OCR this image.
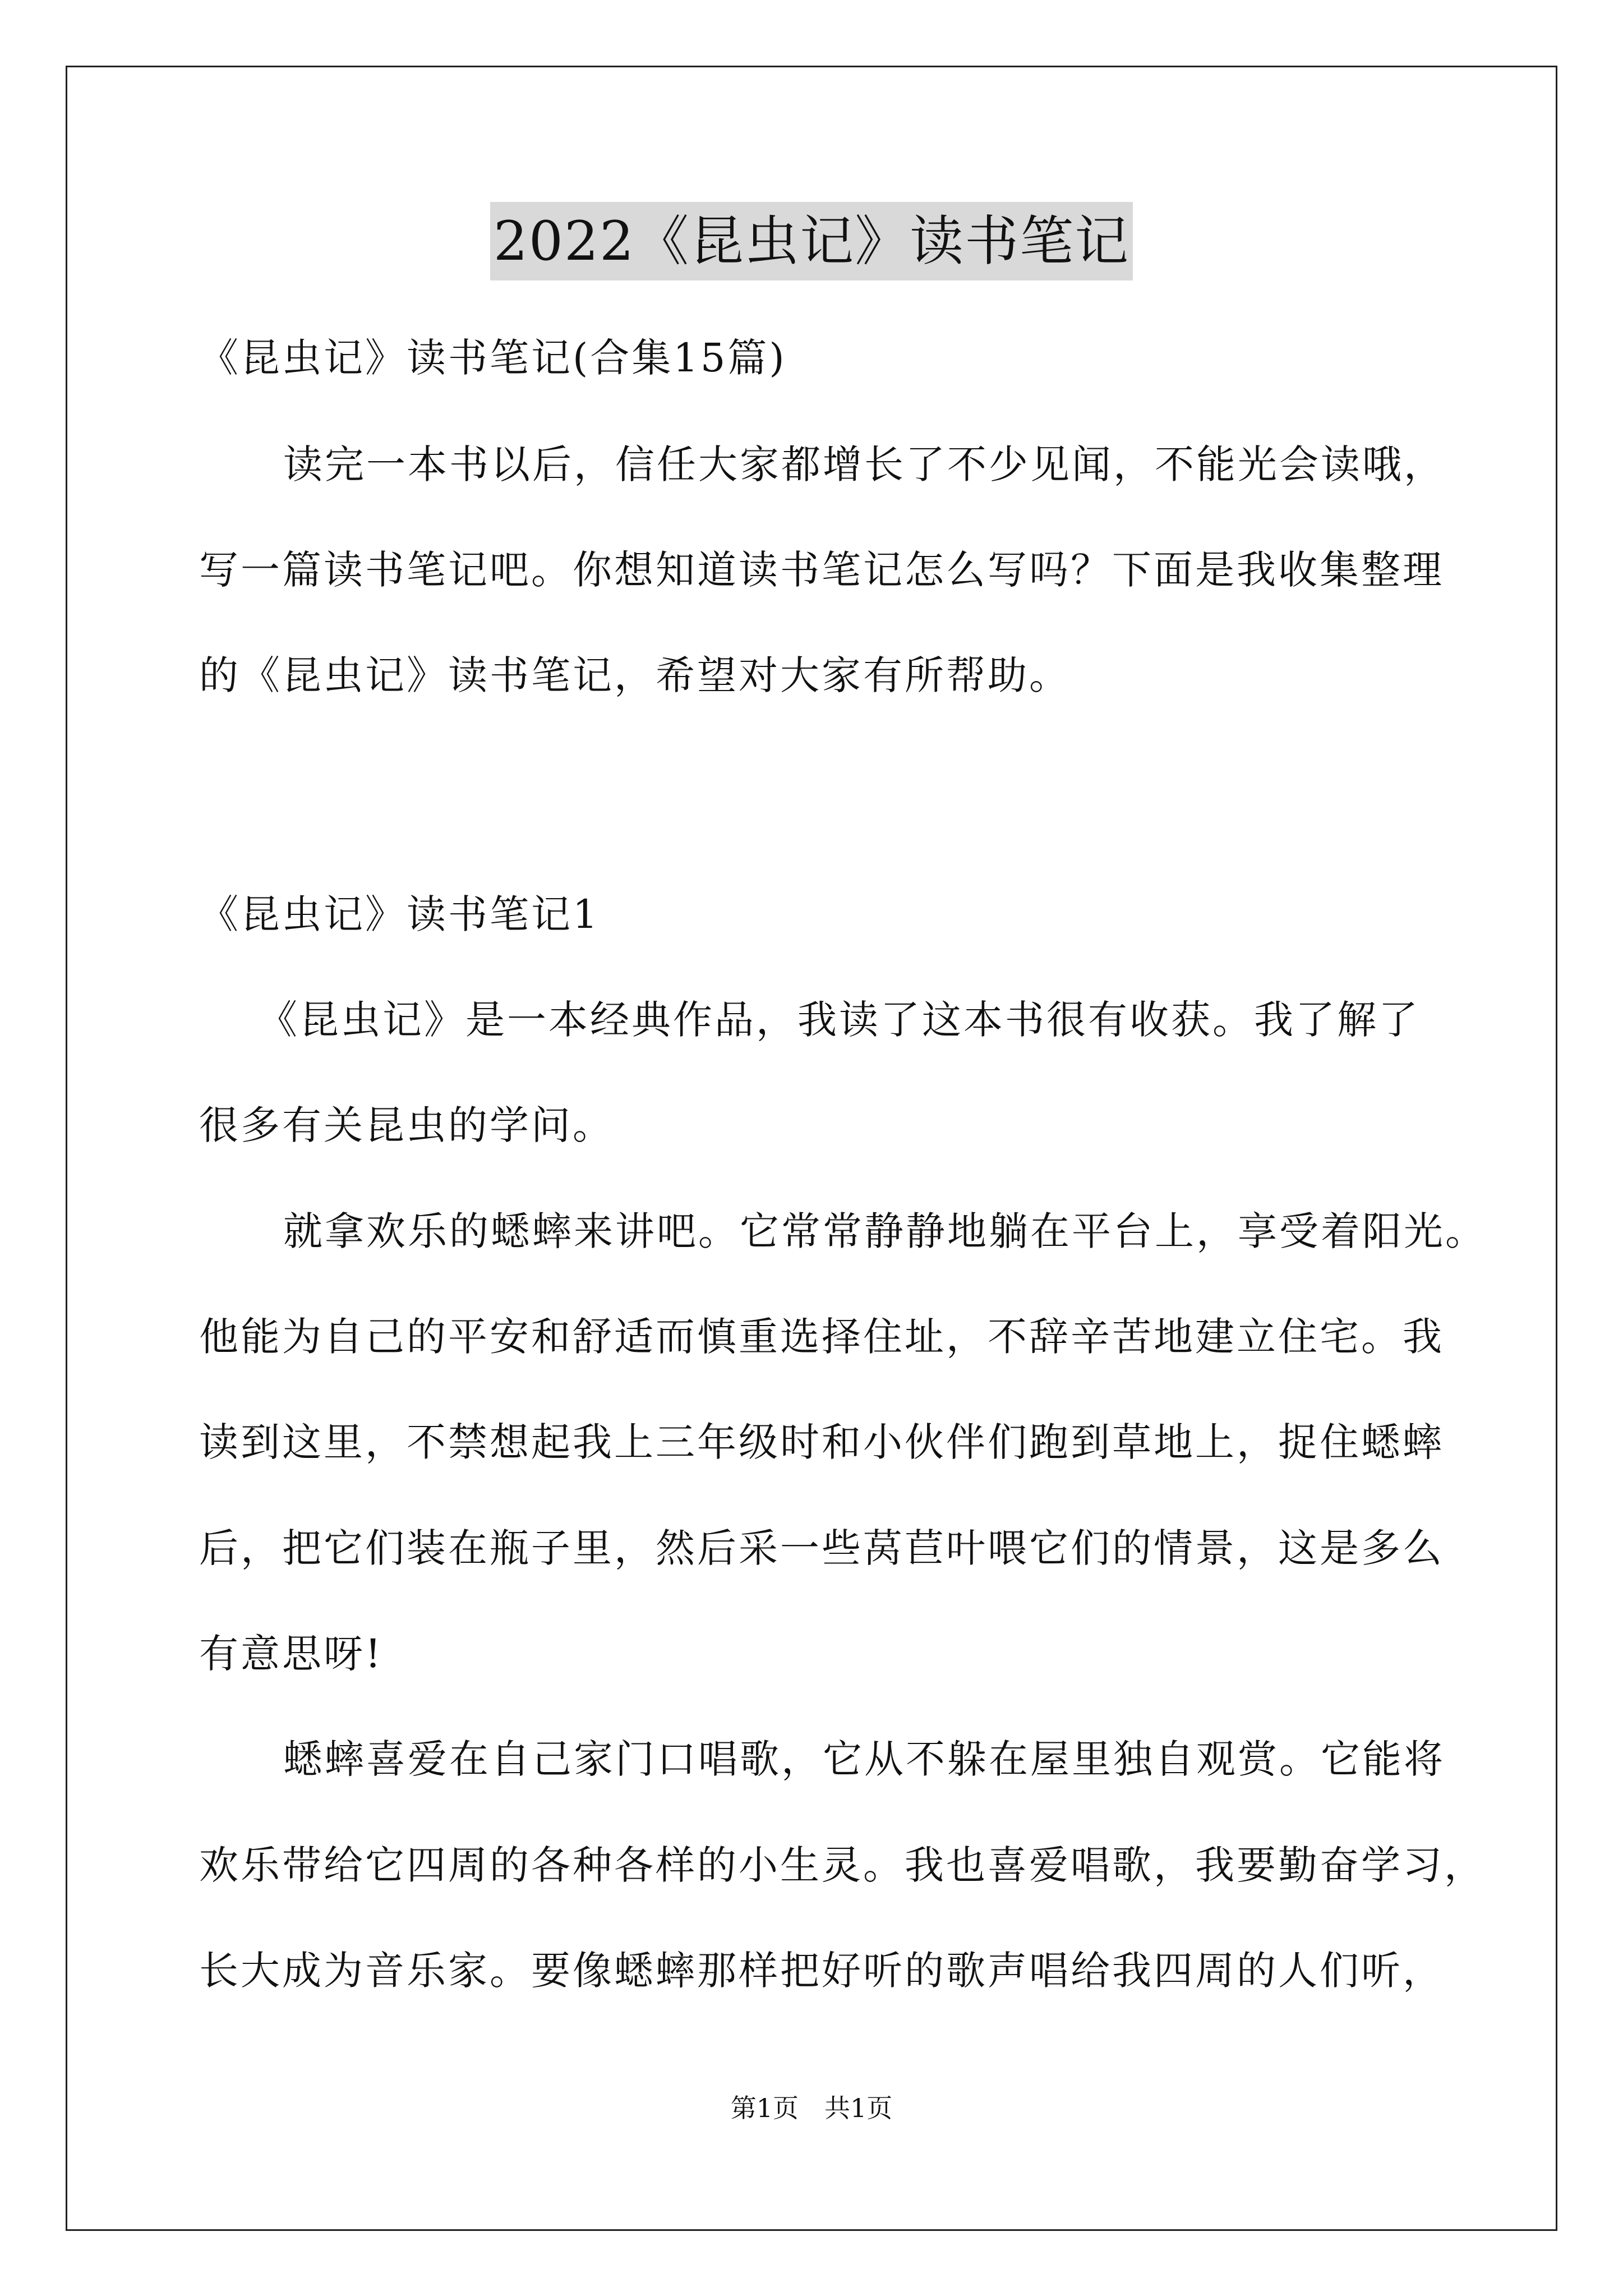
2022《昆虫记》读书笔记
《昆虫记》读书笔记(合集15篇)
读完一本书以后，信任大家都增长了不少见闻，不能光会读哦，
写一篇读书笔记吧。你想知道读书笔记怎么写吗？下面是我收集整理
的《昆虫记》读书笔记，希望对大家有所帮助。
《昆虫记》读书笔记1
《昆虫记》是一本经典作品，我读了这本书很有收获。我了解了
很多有关昆虫的学问。
就拿欢乐的蟋蟀来讲吧。它常常静静地躺在平台上，享受着阳光。
他能为自己的平安和舒适而慎重选择住址，不辞辛苦地建立住宅。我
读到这里，不禁想起我上三年级时和小伙伴们跑到草地上，捉住蟋蟀
后，把它们装在瓶子里，然后采一些莴苣叶喂它们的情景，这是多么
有意思呀!
蟋蟀喜爱在自己家门口唱歌，它从不躲在屋里独自观赏。它能将
欢乐带给它四周的各种各样的小生灵。我也喜爱唱歌，我要勤奋学习，
长大成为音乐家。要像蟋蟀那样把好听的歌声唱给我四周的人们听，
第1页　共1页
